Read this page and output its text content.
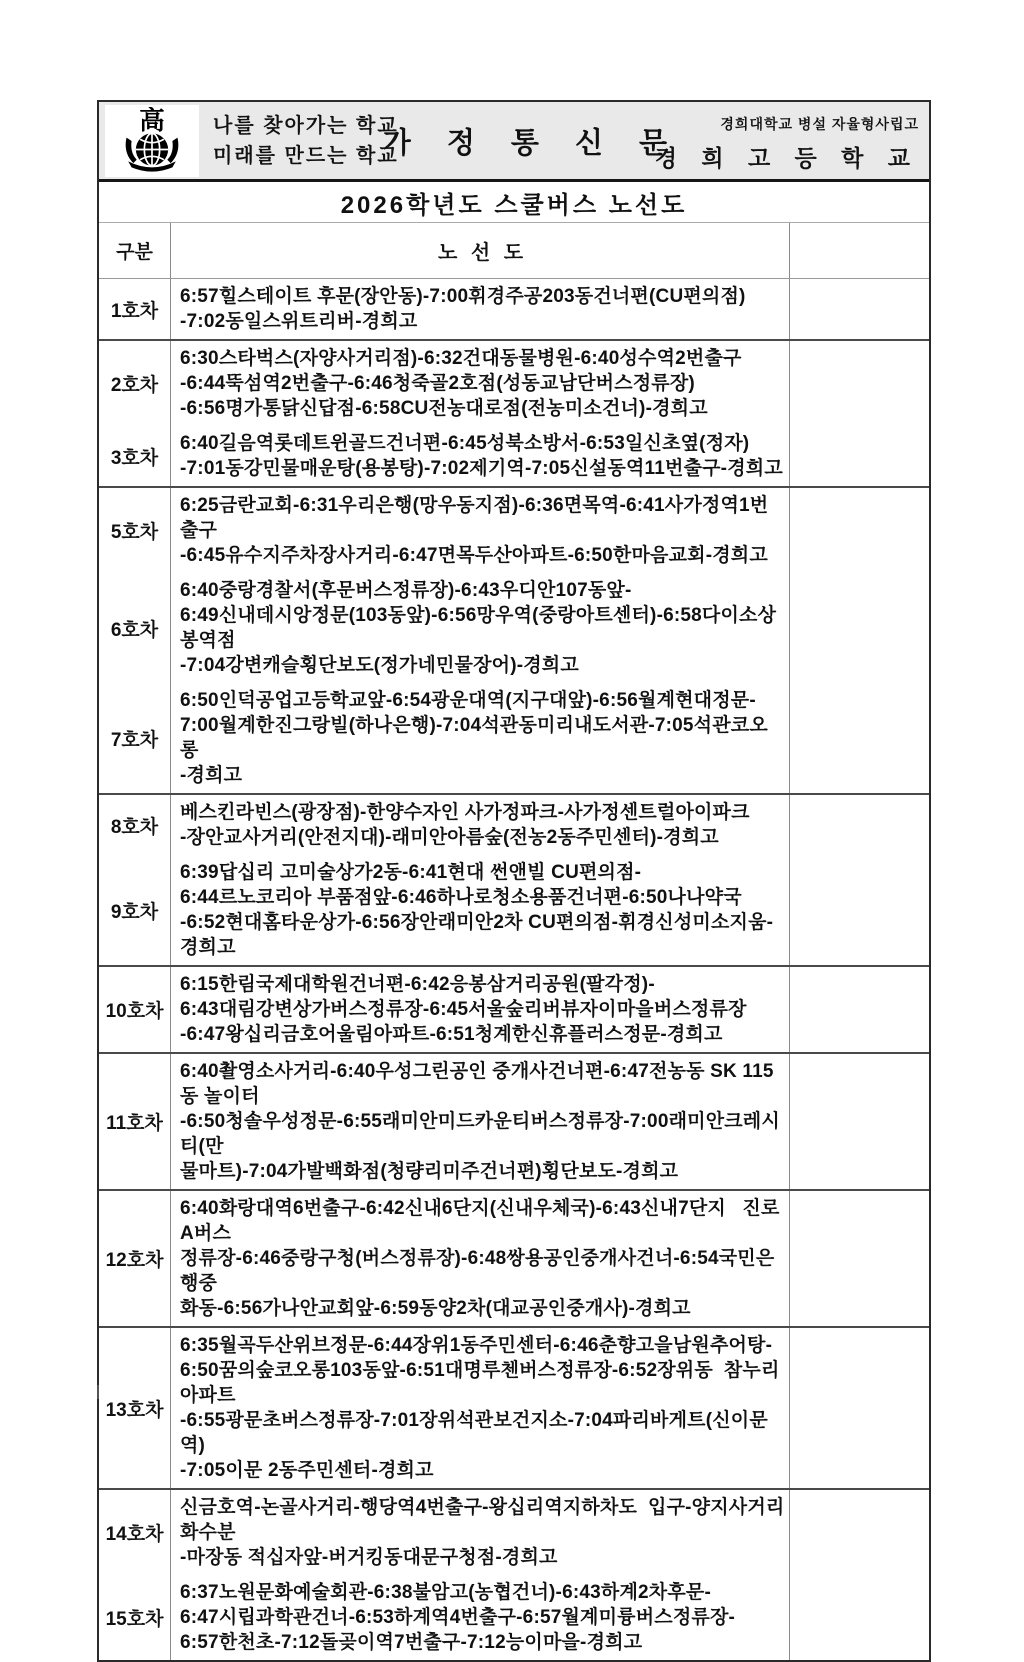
高 나를 찾아가는 학교
미래를 만드는 학교
가 정 통 신 문
경희대학교 병설 자율형사립고
경 희 고 등 학 교
2026학년도 스쿨버스 노선도
구분	노 선 도
1호차
6:57힐스테이트 후문(장안동)-7:00휘경주공203동건너편(CU편의점)
-7:02동일스위트리버-경희고
2호차
6:30스타벅스(자양사거리점)-6:32건대동물병원-6:40성수역2번출구
-6:44뚝섬역2번출구-6:46청죽골2호점(성동교남단버스정류장)
-6:56명가통닭신답점-6:58CU전농대로점(전농미소건너)-경희고
3호차
6:40길음역롯데트윈골드건너편-6:45성북소방서-6:53일신초옆(정자)
-7:01동강민물매운탕(용봉탕)-7:02제기역-7:05신설동역11번출구-경희고
5호차
6:25금란교회-6:31우리은행(망우동지점)-6:36면목역-6:41사가정역1번출구
-6:45유수지주차장사거리-6:47면목두산아파트-6:50한마음교회-경희고
6호차
6:40중랑경찰서(후문버스정류장)-6:43우디안107동앞-
6:49신내데시앙정문(103동앞)-6:56망우역(중랑아트센터)-6:58다이소상봉역점
-7:04강변캐슬횡단보도(정가네민물장어)-경희고
7호차
6:50인덕공업고등학교앞-6:54광운대역(지구대앞)-6:56월계현대정문-
7:00월계한진그랑빌(하나은행)-7:04석관동미리내도서관-7:05석관코오롱
-경희고
8호차
베스킨라빈스(광장점)-한양수자인 사가정파크-사가정센트럴아이파크
-장안교사거리(안전지대)-래미안아름숲(전농2동주민센터)-경희고
9호차
6:39답십리 고미술상가2동-6:41현대 썬앤빌 CU편의점-
6:44르노코리아 부품점앞-6:46하나로청소용품건너편-6:50나나약국
-6:52현대홈타운상가-6:56장안래미안2차 CU편의점-휘경신성미소지움-경희고
10호차
6:15한림국제대학원건너편-6:42응봉삼거리공원(팔각정)-
6:43대림강변상가버스정류장-6:45서울숲리버뷰자이마을버스정류장
-6:47왕십리금호어울림아파트-6:51청계한신휴플러스정문-경희고
11호차
6:40촬영소사거리-6:40우성그린공인 중개사건너편-6:47전농동 SK 115동 놀이터
-6:50청솔우성정문-6:55래미안미드카운티버스정류장-7:00래미안크레시티(만
물마트)-7:04가발백화점(청량리미주건너편)횡단보도-경희고
12호차
6:40화랑대역6번출구-6:42신내6단지(신내우체국)-6:43신내7단지   진로A버스
정류장-6:46중랑구청(버스정류장)-6:48쌍용공인중개사건너-6:54국민은행중
화동-6:56가나안교회앞-6:59동양2차(대교공인중개사)-경희고
13호차
6:35월곡두산위브정문-6:44장위1동주민센터-6:46춘향고을남원추어탕-
6:50꿈의숲코오롱103동앞-6:51대명루첸버스정류장-6:52장위동  참누리아파트
-6:55광문초버스정류장-7:01장위석관보건지소-7:04파리바게트(신이문역)
-7:05이문 2동주민센터-경희고
14호차
신금호역-논골사거리-행당역4번출구-왕십리역지하차도  입구-양지사거리화수분
-마장동 적십자앞-버거킹동대문구청점-경희고
15호차
6:37노원문화예술회관-6:38불암고(농협건너)-6:43하계2차후문-
6:47시립과학관건너-6:53하계역4번출구-6:57월계미륭버스정류장-
6:57한천초-7:12돌곶이역7번출구-7:12능이마을-경희고
